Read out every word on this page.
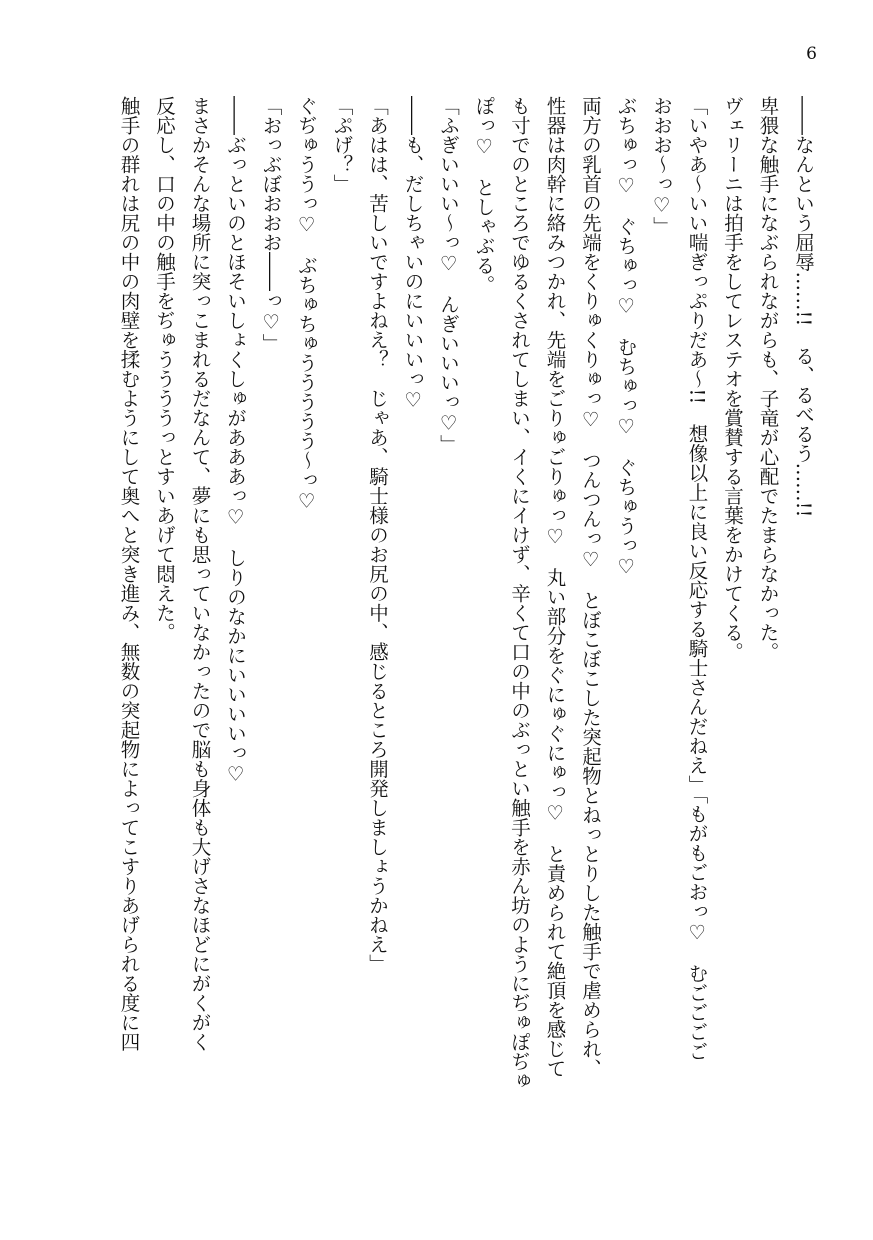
6
――なんという屈辱……!!　る、るべるう……!!
卑猥な触手になぶられながらも、子竜が心配でたまらなかった。
ヴェリーニは拍手をしてレステオを賞賛する言葉をかけてくる。
「いやあ～いい喘ぎっぷりだあ～!!　想像以上に良い反応する騎士さんだねえ」「もがもごおっ♡　むごごごご
おおお～っ♡」
ぶちゅっ♡　ぐちゅっ♡　むちゅっ♡　ぐちゅうっ♡
両方の乳首の先端をくりゅくりゅっ♡　つんつんっ♡　とぼこぼこした突起物とねっとりした触手で虐められ、
性器は肉幹に絡みつかれ、先端をごりゅごりゅっ♡　丸い部分をぐにゅぐにゅっ♡　と責められて絶頂を感じて
も寸でのところでゆるくされてしまい、イくにイけず、辛くて口の中のぶっとい触手を赤ん坊のようにぢゅぽぢゅ
ぽっ♡　としゃぶる。
「ふぎいいい～っ♡　んぎいいいっ♡」
――も、だしちゃいのにいいいっ♡
「あはは、苦しいですよねえ？　じゃあ、騎士様のお尻の中、感じるところ開発しましょうかねえ」
「ぷげ？」
ぐぢゅううっ♡　ぶちゅちゅううううう～っ♡
「おっぶぼおおお――っ♡」
――ぶっといのとほそいしょくしゅがあああっ♡　しりのなかにいいいいっ♡
まさかそんな場所に突っこまれるだなんて、夢にも思っていなかったので脳も身体も大げさなほどにがくがく
反応し、口の中の触手をぢゅううううっとすいあげて悶えた。
触手の群れは尻の中の肉壁を揉むようにして奥へと突き進み、無数の突起物によってこすりあげられる度に四
